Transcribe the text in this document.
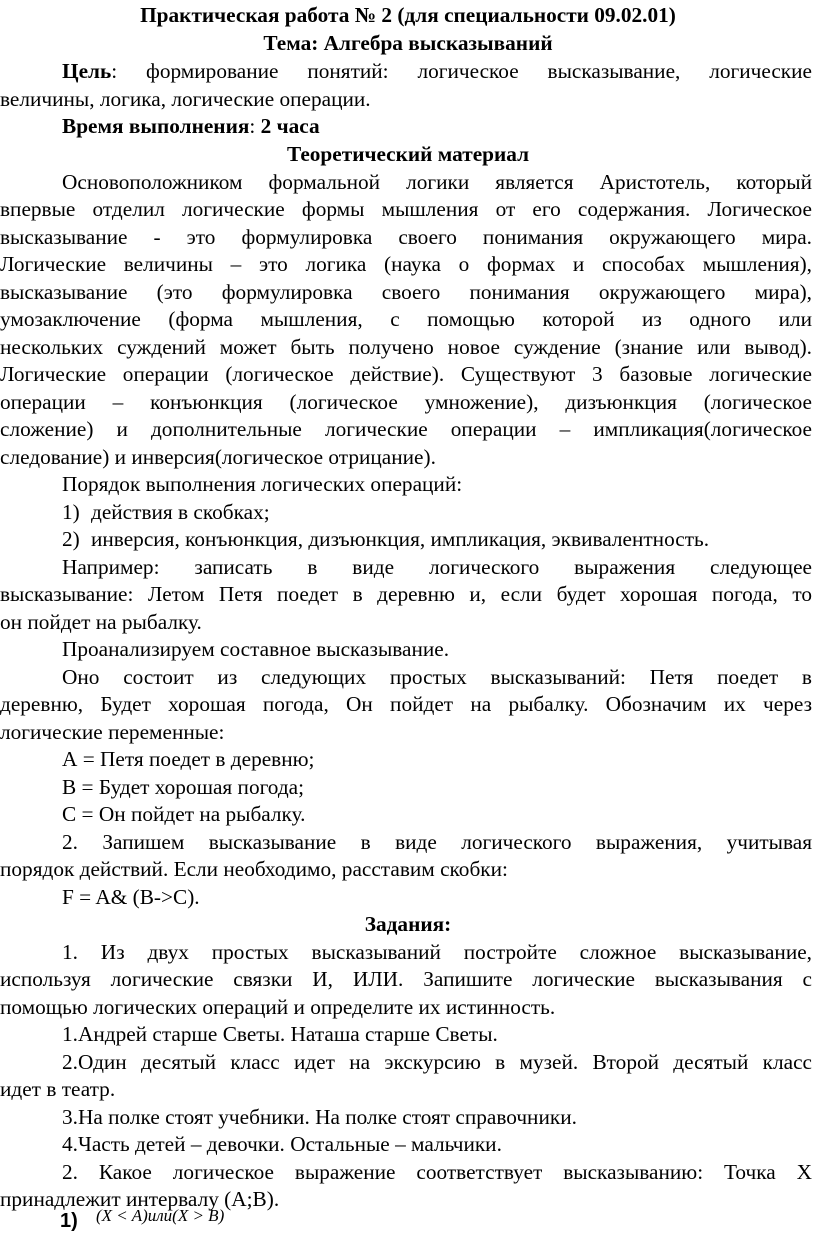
Практическая работа № 2 (для специальности 09.02.01)
Тема: Алгебра высказываний
Цель: формирование понятий: логическое высказывание, логические
величины, логика, логические операции.
Время выполнения: 2 часа
Теоретический материал
Основоположником формальной логики является Аристотель, который
впервые отделил логические формы мышления от его содержания. Логическое
высказывание - это формулировка своего понимания окружающего мира.
Логические величины – это логика (наука о формах и способах мышления),
высказывание (это формулировка своего понимания окружающего мира),
умозаключение (форма мышления, с помощью которой из одного или
нескольких суждений может быть получено новое суждение (знание или вывод).
Логические операции (логическое действие). Существуют 3 базовые логические
операции – конъюнкция (логическое умножение), дизъюнкция (логическое
сложение) и дополнительные логические операции – импликация(логическое
следование) и инверсия(логическое отрицание).
Порядок выполнения логических операций:
1) действия в скобках;
2) инверсия, конъюнкция, дизъюнкция, импликация, эквивалентность.
Например: записать в виде логического выражения следующее
высказывание: Летом Петя поедет в деревню и, если будет хорошая погода, то
он пойдет на рыбалку.
Проанализируем составное высказывание.
Оно состоит из следующих простых высказываний: Петя поедет в
деревню, Будет хорошая погода, Он пойдет на рыбалку. Обозначим их через
логические переменные:
А = Петя поедет в деревню;
В = Будет хорошая погода;
С = Он пойдет на рыбалку.
2. Запишем высказывание в виде логического выражения, учитывая
порядок действий. Если необходимо, расставим скобки:
F = A& (B->C).
Задания:
1. Из двух простых высказываний постройте сложное высказывание,
используя логические связки И, ИЛИ. Запишите логические высказывания с
помощью логических операций и определите их истинность.
1.Андрей старше Светы. Наташа старше Светы.
2.Один десятый класс идет на экскурсию в музей. Второй десятый класс
идет в театр.
3.На полке стоят учебники. На полке стоят справочники.
4.Часть детей – девочки. Остальные – мальчики.
2. Какое логическое выражение соответствует высказыванию: Точка Х
принадлежит интервалу (А;В).
1) (X < A)или(X > B)
